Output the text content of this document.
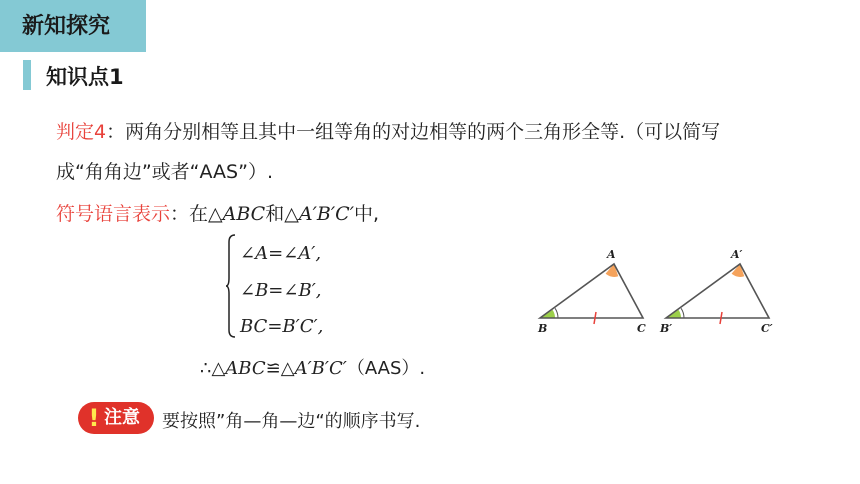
新知探究
知识点1
判定4：两角分别相等且其中一组等角的对边相等的两个三角形全等.（可以简写
成“角角边”或者“AAS”）.
符号语言表示：在△ABC和△A′B′C′中,
∠A=∠A′,
∠B=∠B′,
BC=B′C′,
∴△ABC≌△A′B′C′（AAS）.
A
B	C
A′
B′	C′
! 注意 要按照”角—角—边“的顺序书写.
